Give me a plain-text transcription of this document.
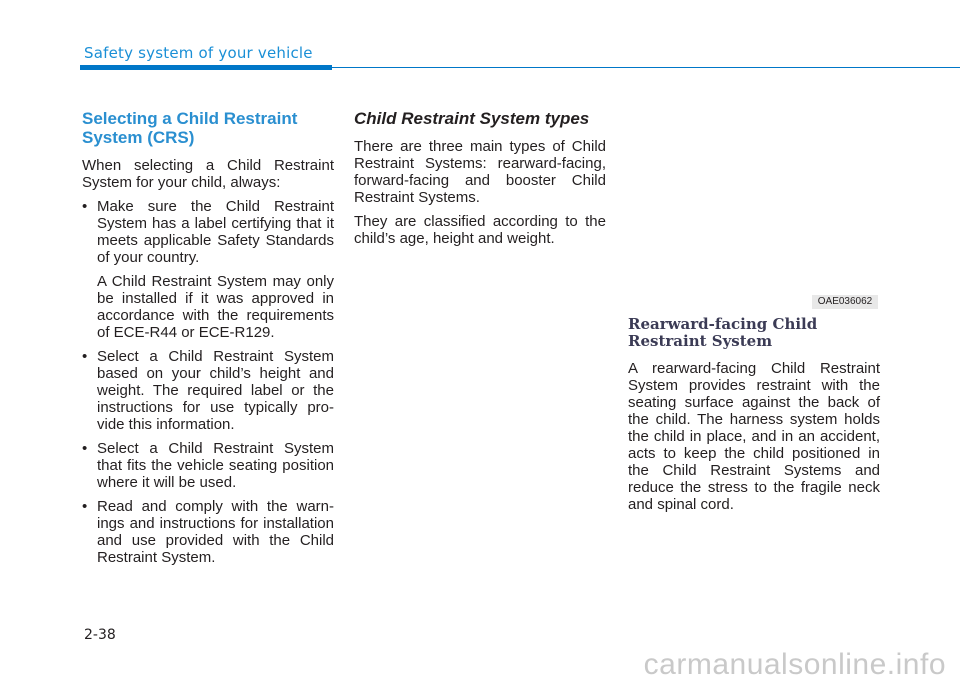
Safety system of your vehicle
Selecting a Child Restraint System (CRS)

When selecting a Child Restraint System for your child, always:

• Make sure the Child Restraint System has a label certifying that it meets applicable Safety Standards of your country.
A Child Restraint System may only be installed if it was approved in accordance with the requirements of ECE-R44 or ECE-R129.
• Select a Child Restraint System based on your child’s height and weight. The required label or the instructions for use typically pro-vide this information.
• Select a Child Restraint System that fits the vehicle seating position where it will be used.
• Read and comply with the warn-ings and instructions for installation and use provided with the Child Restraint System.
Child Restraint System types

There are three main types of Child Restraint Systems: rearward-facing, forward-facing and booster Child Restraint Systems.

They are classified according to the child’s age, height and weight.

OAE036062
Rearward-facing Child Restraint System

A rearward-facing Child Restraint System provides restraint with the seating surface against the back of the child. The harness system holds the child in place, and in an accident, acts to keep the child positioned in the Child Restraint Systems and reduce the stress to the fragile neck and spinal cord.

2-38
carmanualsonline.info
